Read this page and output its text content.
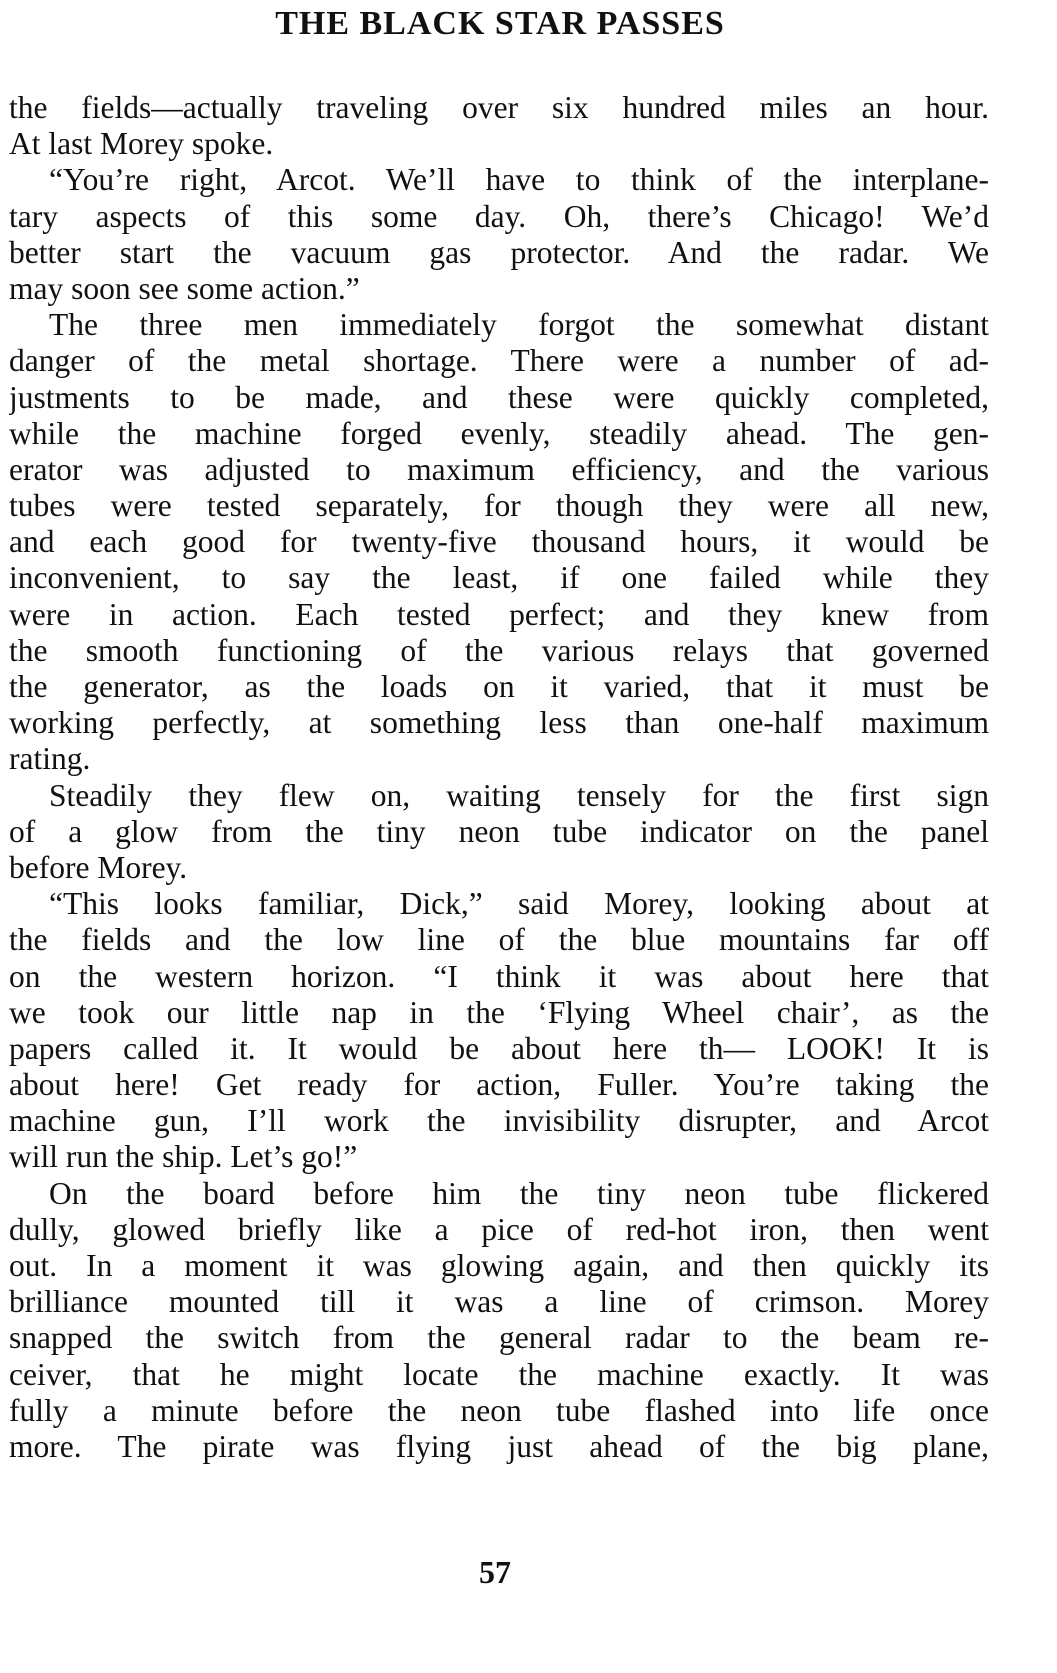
THE BLACK STAR PASSES
the fields—actually traveling over six hundred miles an hour.
At last Morey spoke.
“You’re right, Arcot. We’ll have to think of the interplane-
tary aspects of this some day. Oh, there’s Chicago! We’d
better start the vacuum gas protector. And the radar. We
may soon see some action.”
The three men immediately forgot the somewhat distant
danger of the metal shortage. There were a number of ad-
justments to be made, and these were quickly completed,
while the machine forged evenly, steadily ahead. The gen-
erator was adjusted to maximum efficiency, and the various
tubes were tested separately, for though they were all new,
and each good for twenty-five thousand hours, it would be
inconvenient, to say the least, if one failed while they
were in action. Each tested perfect; and they knew from
the smooth functioning of the various relays that governed
the generator, as the loads on it varied, that it must be
working perfectly, at something less than one-half maximum
rating.
Steadily they flew on, waiting tensely for the first sign
of a glow from the tiny neon tube indicator on the panel
before Morey.
“This looks familiar, Dick,” said Morey, looking about at
the fields and the low line of the blue mountains far off
on the western horizon. “I think it was about here that
we took our little nap in the ‘Flying Wheel chair’, as the
papers called it. It would be about here th— LOOK! It is
about here! Get ready for action, Fuller. You’re taking the
machine gun, I’ll work the invisibility disrupter, and Arcot
will run the ship. Let’s go!”
On the board before him the tiny neon tube flickered
dully, glowed briefly like a pice of red-hot iron, then went
out. In a moment it was glowing again, and then quickly its
brilliance mounted till it was a line of crimson. Morey
snapped the switch from the general radar to the beam re-
ceiver, that he might locate the machine exactly. It was
fully a minute before the neon tube flashed into life once
more. The pirate was flying just ahead of the big plane,
57
